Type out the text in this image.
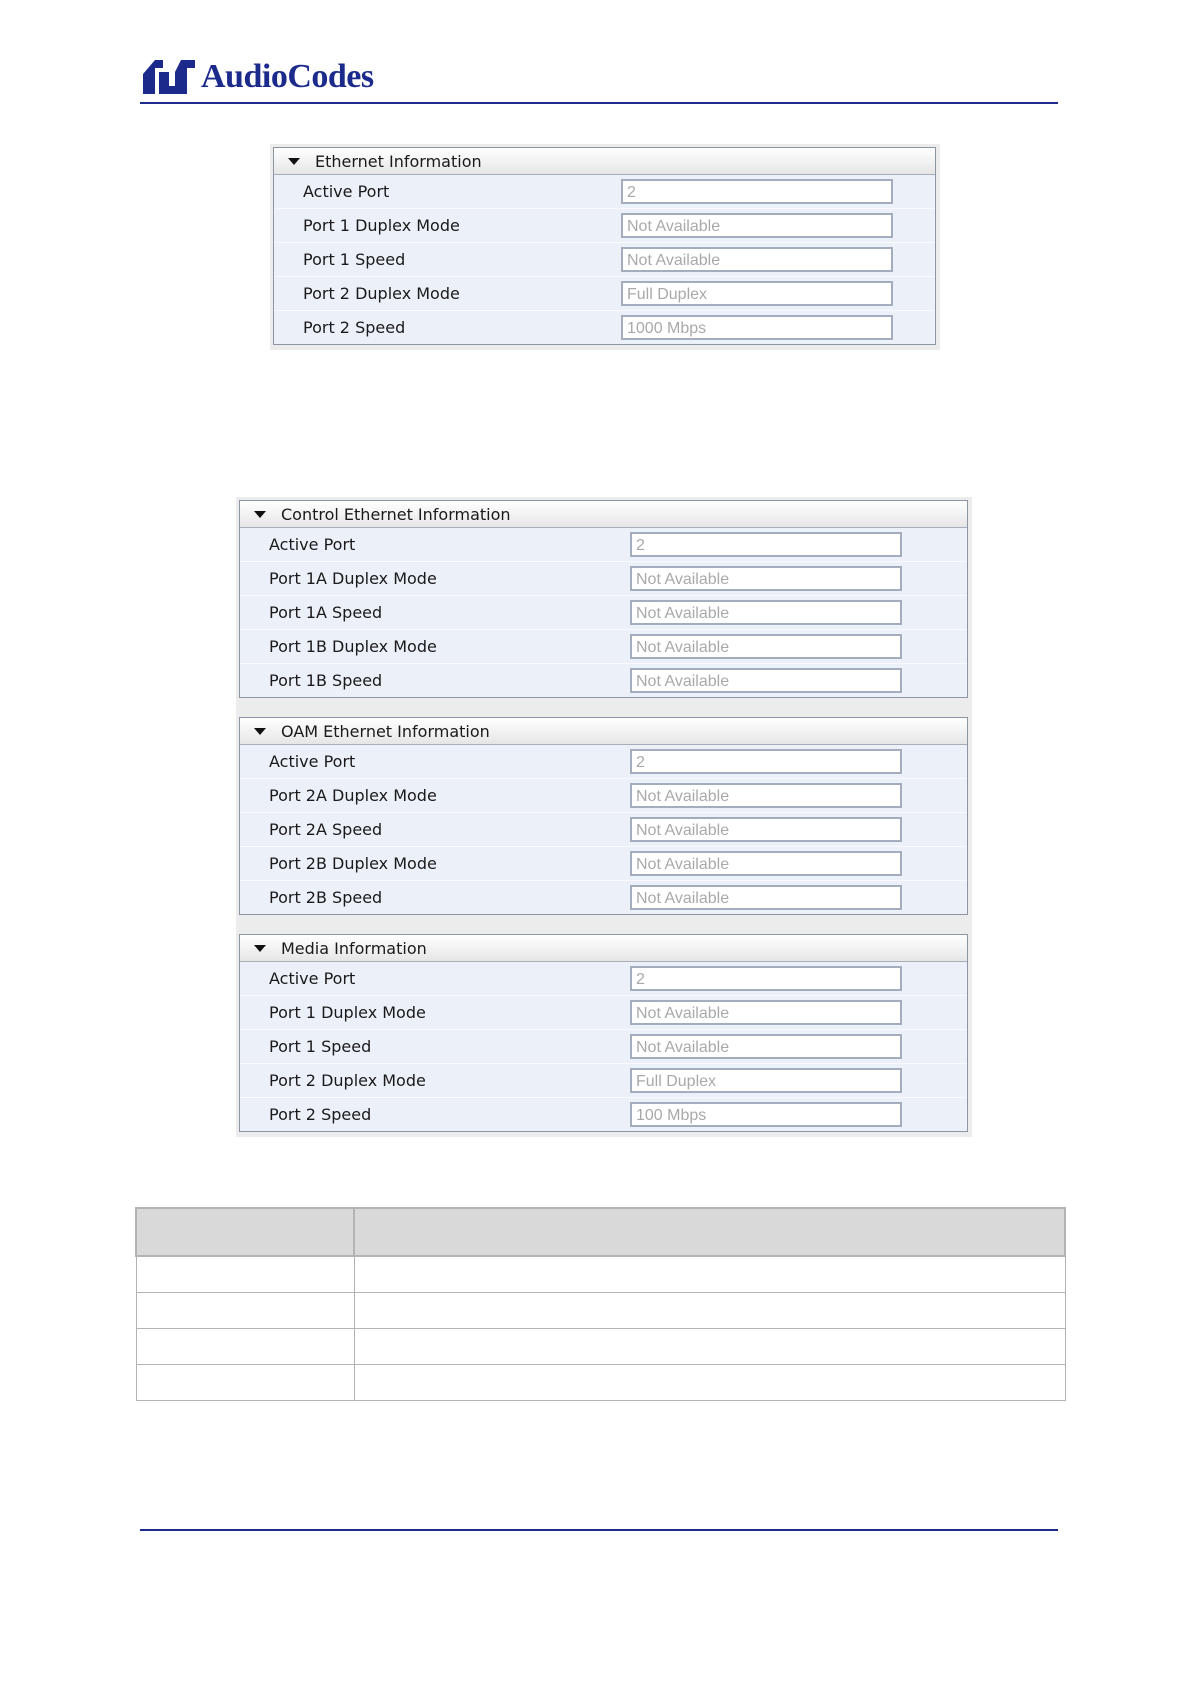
AudioCodes
Ethernet Information
Active Port	2
Port 1 Duplex Mode	Not Available
Port 1 Speed	Not Available
Port 2 Duplex Mode	Full Duplex
Port 2 Speed	1000 Mbps
Control Ethernet Information
Active Port	2
Port 1A Duplex Mode	Not Available
Port 1A Speed	Not Available
Port 1B Duplex Mode	Not Available
Port 1B Speed	Not Available
OAM Ethernet Information
Active Port	2
Port 2A Duplex Mode	Not Available
Port 2A Speed	Not Available
Port 2B Duplex Mode	Not Available
Port 2B Speed	Not Available
Media Information
Active Port	2
Port 1 Duplex Mode	Not Available
Port 1 Speed	Not Available
Port 2 Duplex Mode	Full Duplex
Port 2 Speed	100 Mbps
